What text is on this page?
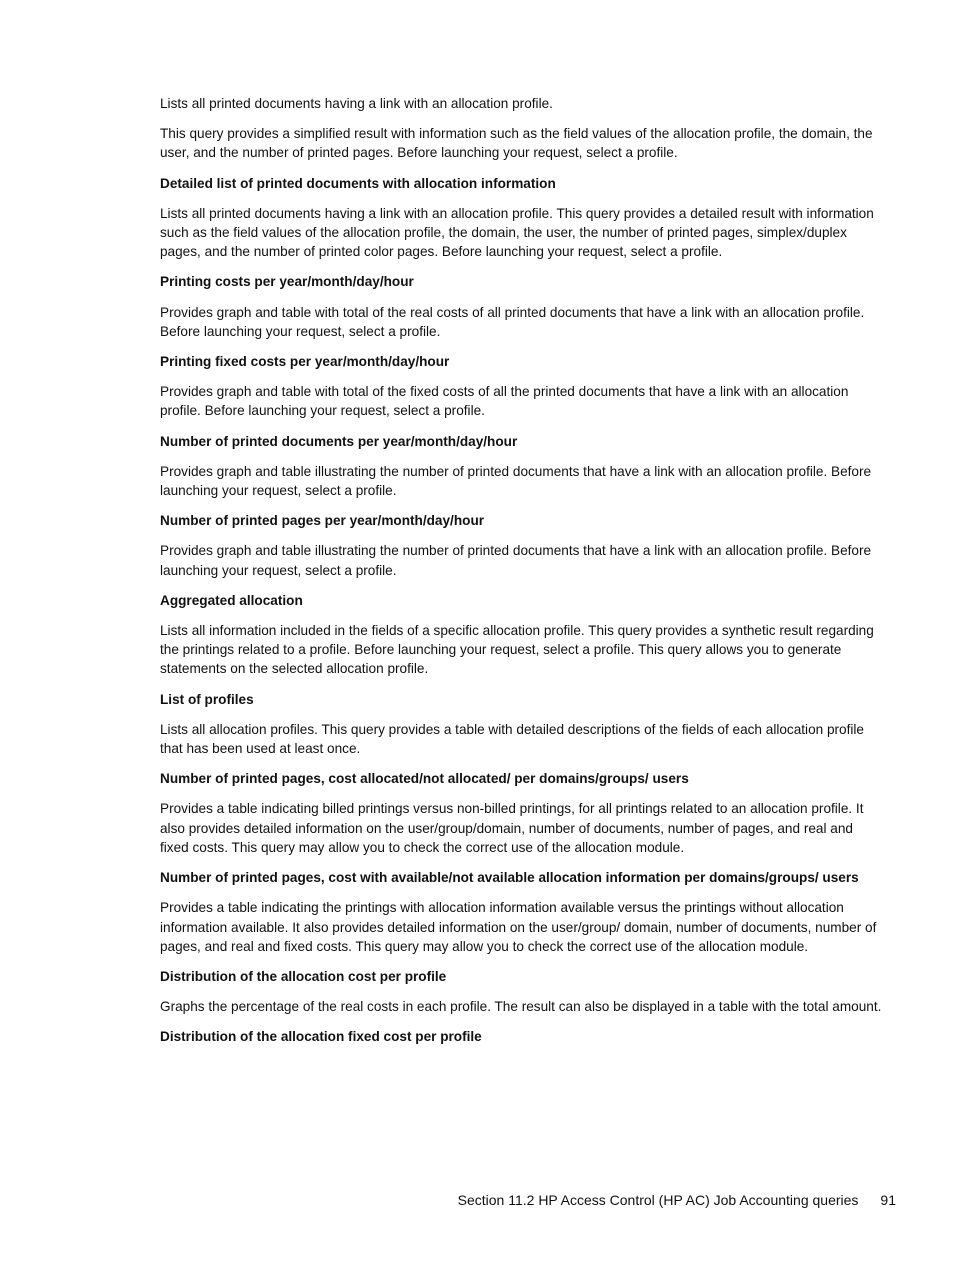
Lists all printed documents having a link with an allocation profile.

This query provides a simplified result with information such as the field values of the allocation profile, the domain, the user, and the number of printed pages. Before launching your request, select a profile.

Detailed list of printed documents with allocation information

Lists all printed documents having a link with an allocation profile. This query provides a detailed result with information such as the field values of the allocation profile, the domain, the user, the number of printed pages, simplex/duplex pages, and the number of printed color pages. Before launching your request, select a profile.

Printing costs per year/month/day/hour

Provides graph and table with total of the real costs of all printed documents that have a link with an allocation profile. Before launching your request, select a profile.

Printing fixed costs per year/month/day/hour

Provides graph and table with total of the fixed costs of all the printed documents that have a link with an allocation profile. Before launching your request, select a profile.

Number of printed documents per year/month/day/hour

Provides graph and table illustrating the number of printed documents that have a link with an allocation profile. Before launching your request, select a profile.

Number of printed pages per year/month/day/hour

Provides graph and table illustrating the number of printed documents that have a link with an allocation profile. Before launching your request, select a profile.

Aggregated allocation

Lists all information included in the fields of a specific allocation profile. This query provides a synthetic result regarding the printings related to a profile. Before launching your request, select a profile. This query allows you to generate statements on the selected allocation profile.

List of profiles

Lists all allocation profiles. This query provides a table with detailed descriptions of the fields of each allocation profile that has been used at least once.

Number of printed pages, cost allocated/not allocated/ per domains/groups/ users

Provides a table indicating billed printings versus non-billed printings, for all printings related to an allocation profile. It also provides detailed information on the user/group/domain, number of documents, number of pages, and real and fixed costs. This query may allow you to check the correct use of the allocation module.

Number of printed pages, cost with available/not available allocation information per domains/groups/ users

Provides a table indicating the printings with allocation information available versus the printings without allocation information available. It also provides detailed information on the user/group/ domain, number of documents, number of pages, and real and fixed costs. This query may allow you to check the correct use of the allocation module.

Distribution of the allocation cost per profile

Graphs the percentage of the real costs in each profile. The result can also be displayed in a table with the total amount.

Distribution of the allocation fixed cost per profile
Section 11.2 HP Access Control (HP AC) Job Accounting queries 91
